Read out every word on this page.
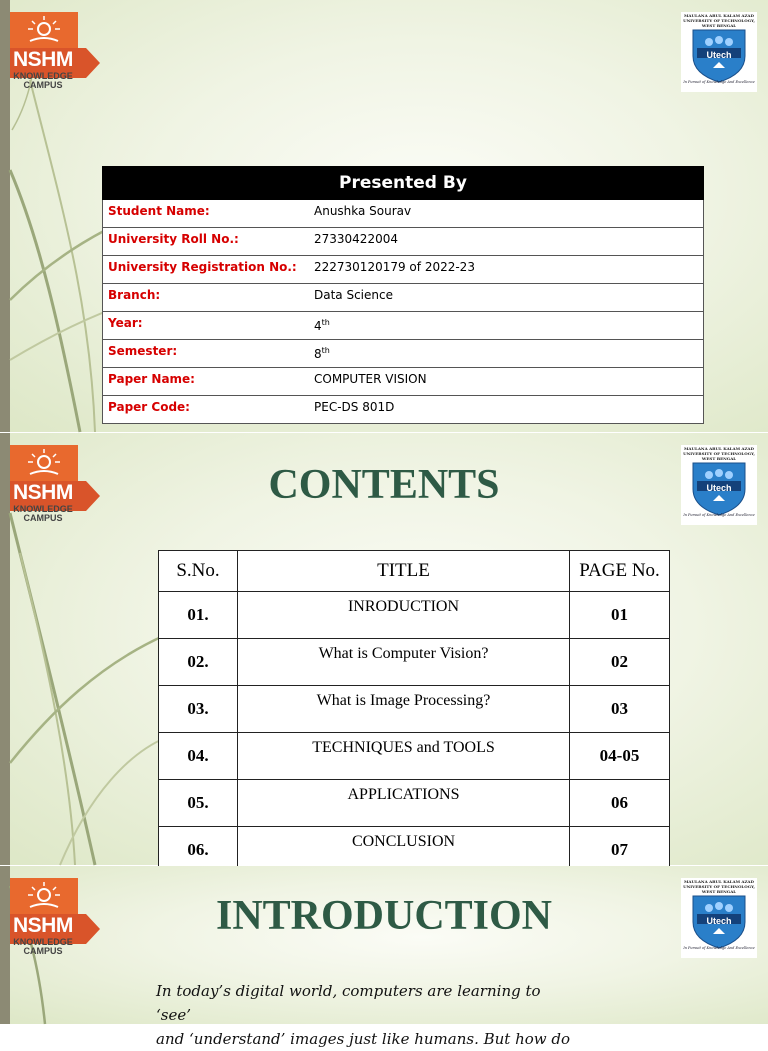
NSHM
KNOWLEDGE
CAMPUS
MAULANA ABUL KALAM AZAD UNIVERSITY OF TECHNOLOGY, WEST BENGAL
Utech
In Pursuit of Knowledge And Excellence
Presented By
Student Name:	Anushka Sourav
University Roll No.:	27330422004
University Registration No.:	222730120179 of 2022-23
Branch:	Data Science
Year:	4th
Semester:	8th
Paper Name:	COMPUTER VISION
Paper Code:	PEC-DS 801D
NSHM
KNOWLEDGE
CAMPUS
MAULANA ABUL KALAM AZAD UNIVERSITY OF TECHNOLOGY, WEST BENGAL
Utech
In Pursuit of Knowledge And Excellence
CONTENTS
S.No.	TITLE	PAGE No.
01.	INRODUCTION	01
02.	What is Computer Vision?	02
03.	What is Image Processing?	03
04.	TECHNIQUES and TOOLS	04-05
05.	APPLICATIONS	06
06.	CONCLUSION	07
NSHM
KNOWLEDGE
CAMPUS
MAULANA ABUL KALAM AZAD UNIVERSITY OF TECHNOLOGY, WEST BENGAL
Utech
In Pursuit of Knowledge And Excellence
INTRODUCTION
In today’s digital world, computers are learning to ‘see’
and ‘understand’ images just like humans. But how do
